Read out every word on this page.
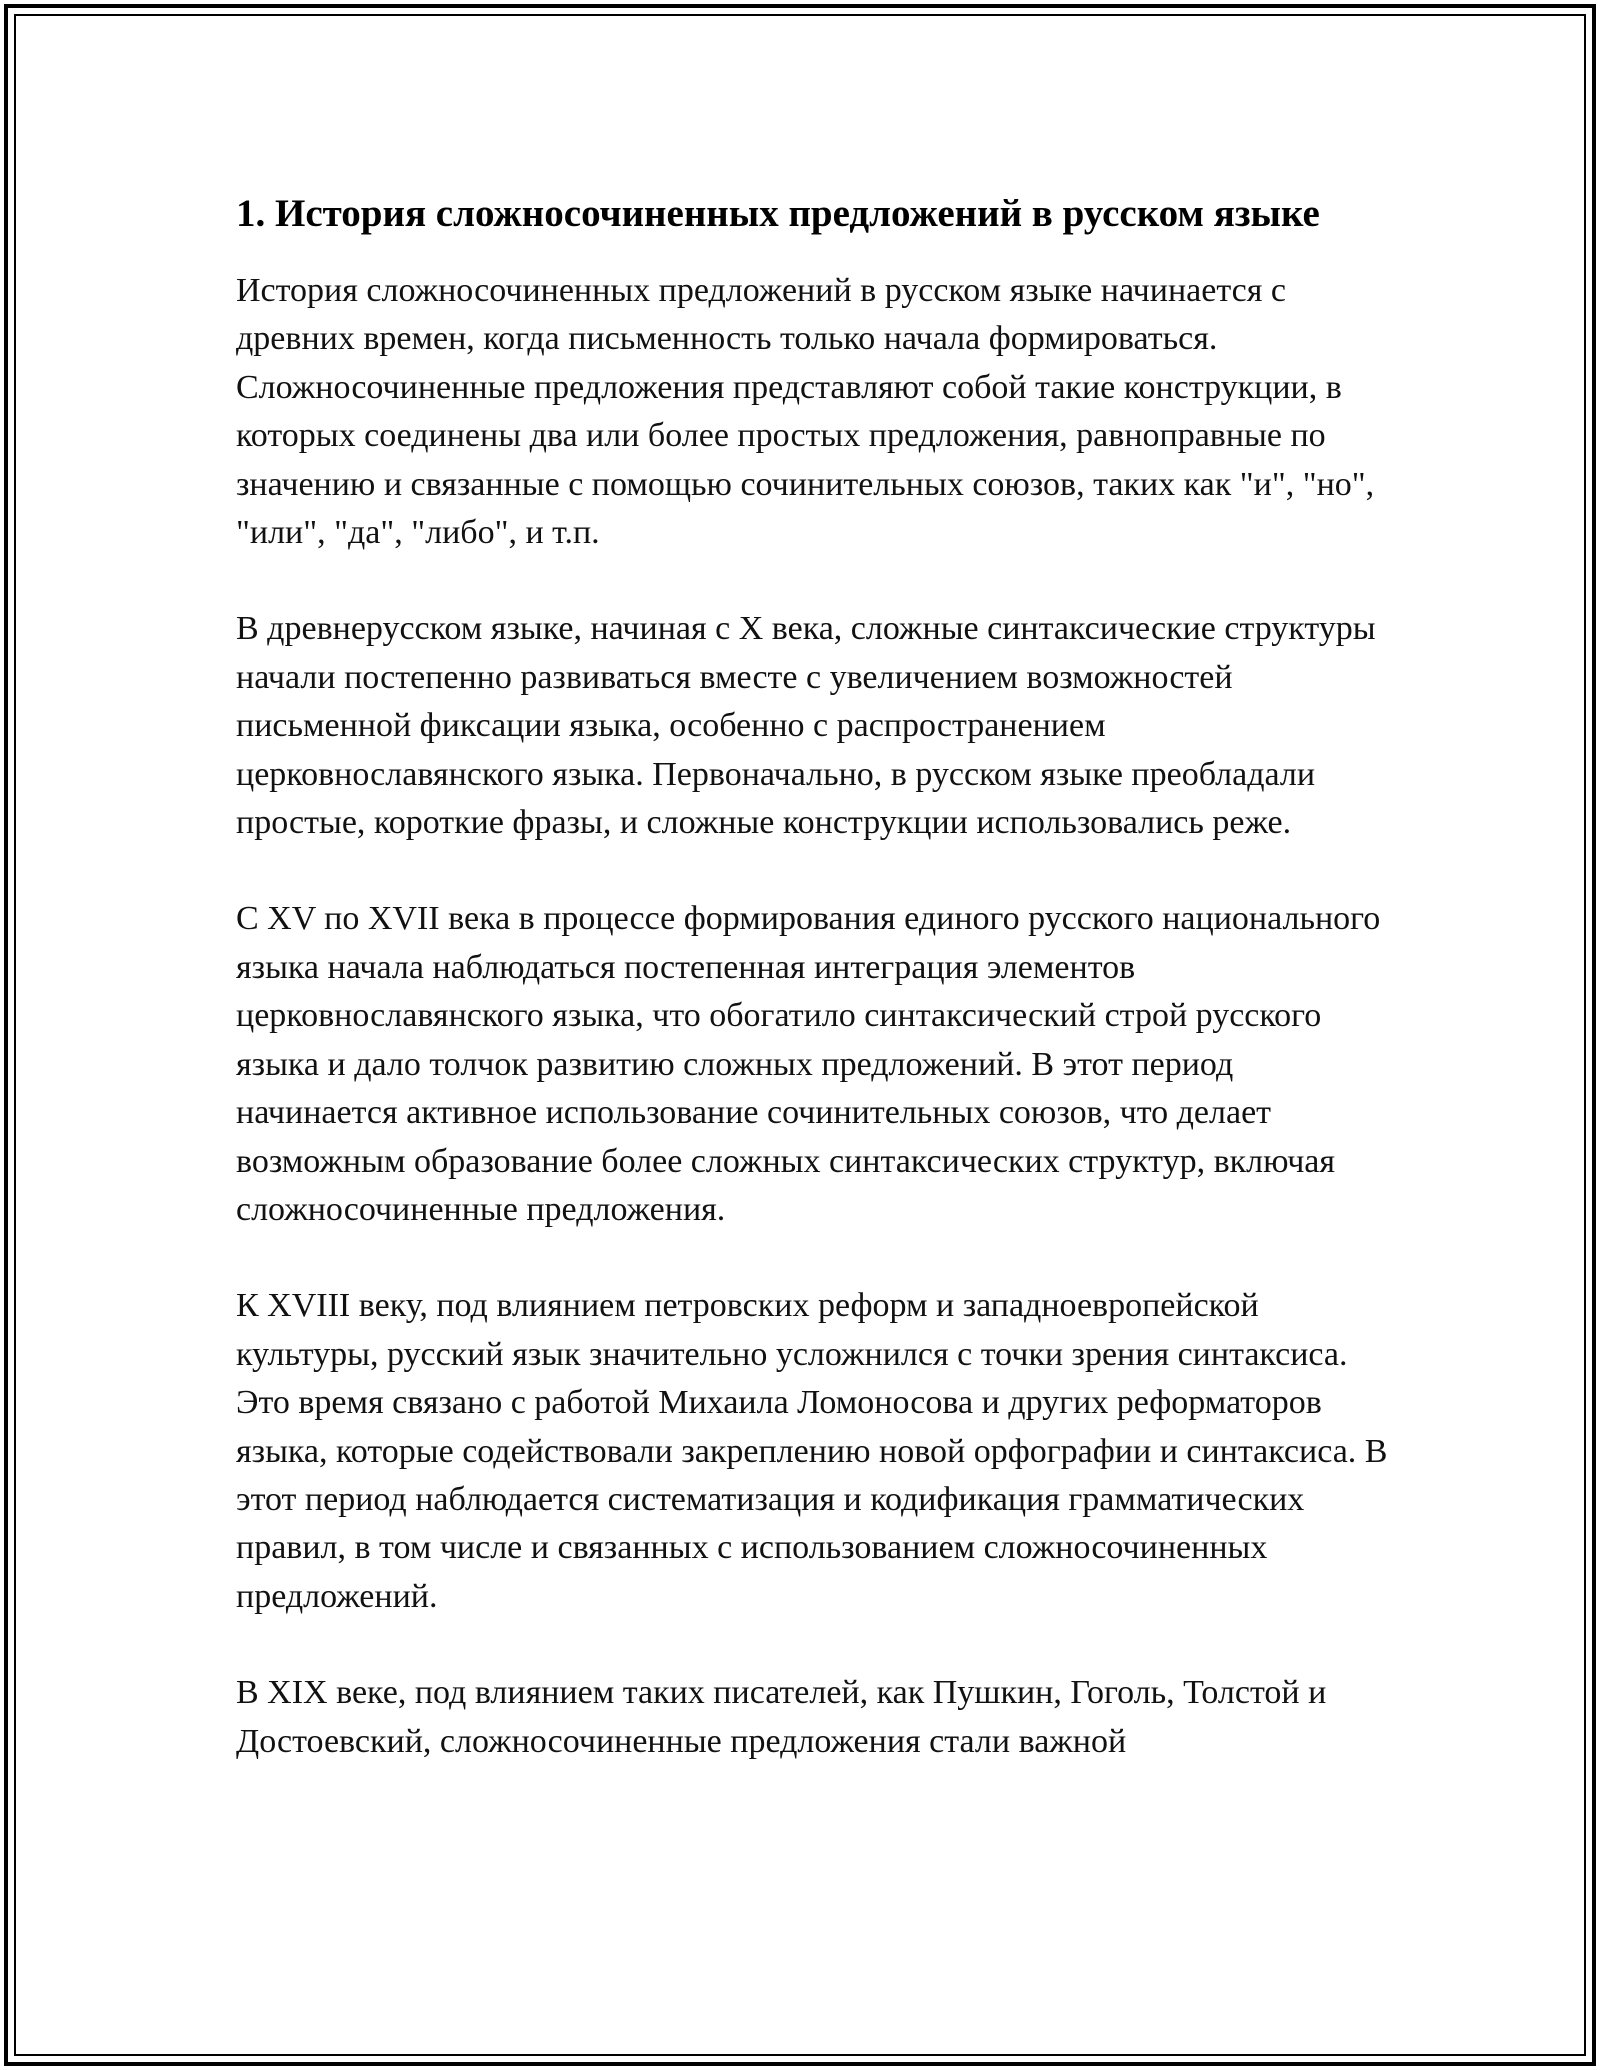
1. История сложносочиненных предложений в русском языке

История сложносочиненных предложений в русском языке начинается с древних времен, когда письменность только начала формироваться. Сложносочиненные предложения представляют собой такие конструкции, в которых соединены два или более простых предложения, равноправные по значению и связанные с помощью сочинительных союзов, таких как "и", "но", "или", "да", "либо", и т.п.

В древнерусском языке, начиная с X века, сложные синтаксические структуры начали постепенно развиваться вместе с увеличением возможностей письменной фиксации языка, особенно с распространением церковнославянского языка. Первоначально, в русском языке преобладали простые, короткие фразы, и сложные конструкции использовались реже.

С XV по XVII века в процессе формирования единого русского национального языка начала наблюдаться постепенная интеграция элементов церковнославянского языка, что обогатило синтаксический строй русского языка и дало толчок развитию сложных предложений. В этот период начинается активное использование сочинительных союзов, что делает возможным образование более сложных синтаксических структур, включая сложносочиненные предложения.

К XVIII веку, под влиянием петровских реформ и западноевропейской культуры, русский язык значительно усложнился с точки зрения синтаксиса. Это время связано с работой Михаила Ломоносова и других реформаторов языка, которые содействовали закреплению новой орфографии и синтаксиса. В этот период наблюдается систематизация и кодификация грамматических правил, в том числе и связанных с использованием сложносочиненных предложений.

В XIX веке, под влиянием таких писателей, как Пушкин, Гоголь, Толстой и Достоевский, сложносочиненные предложения стали важной
